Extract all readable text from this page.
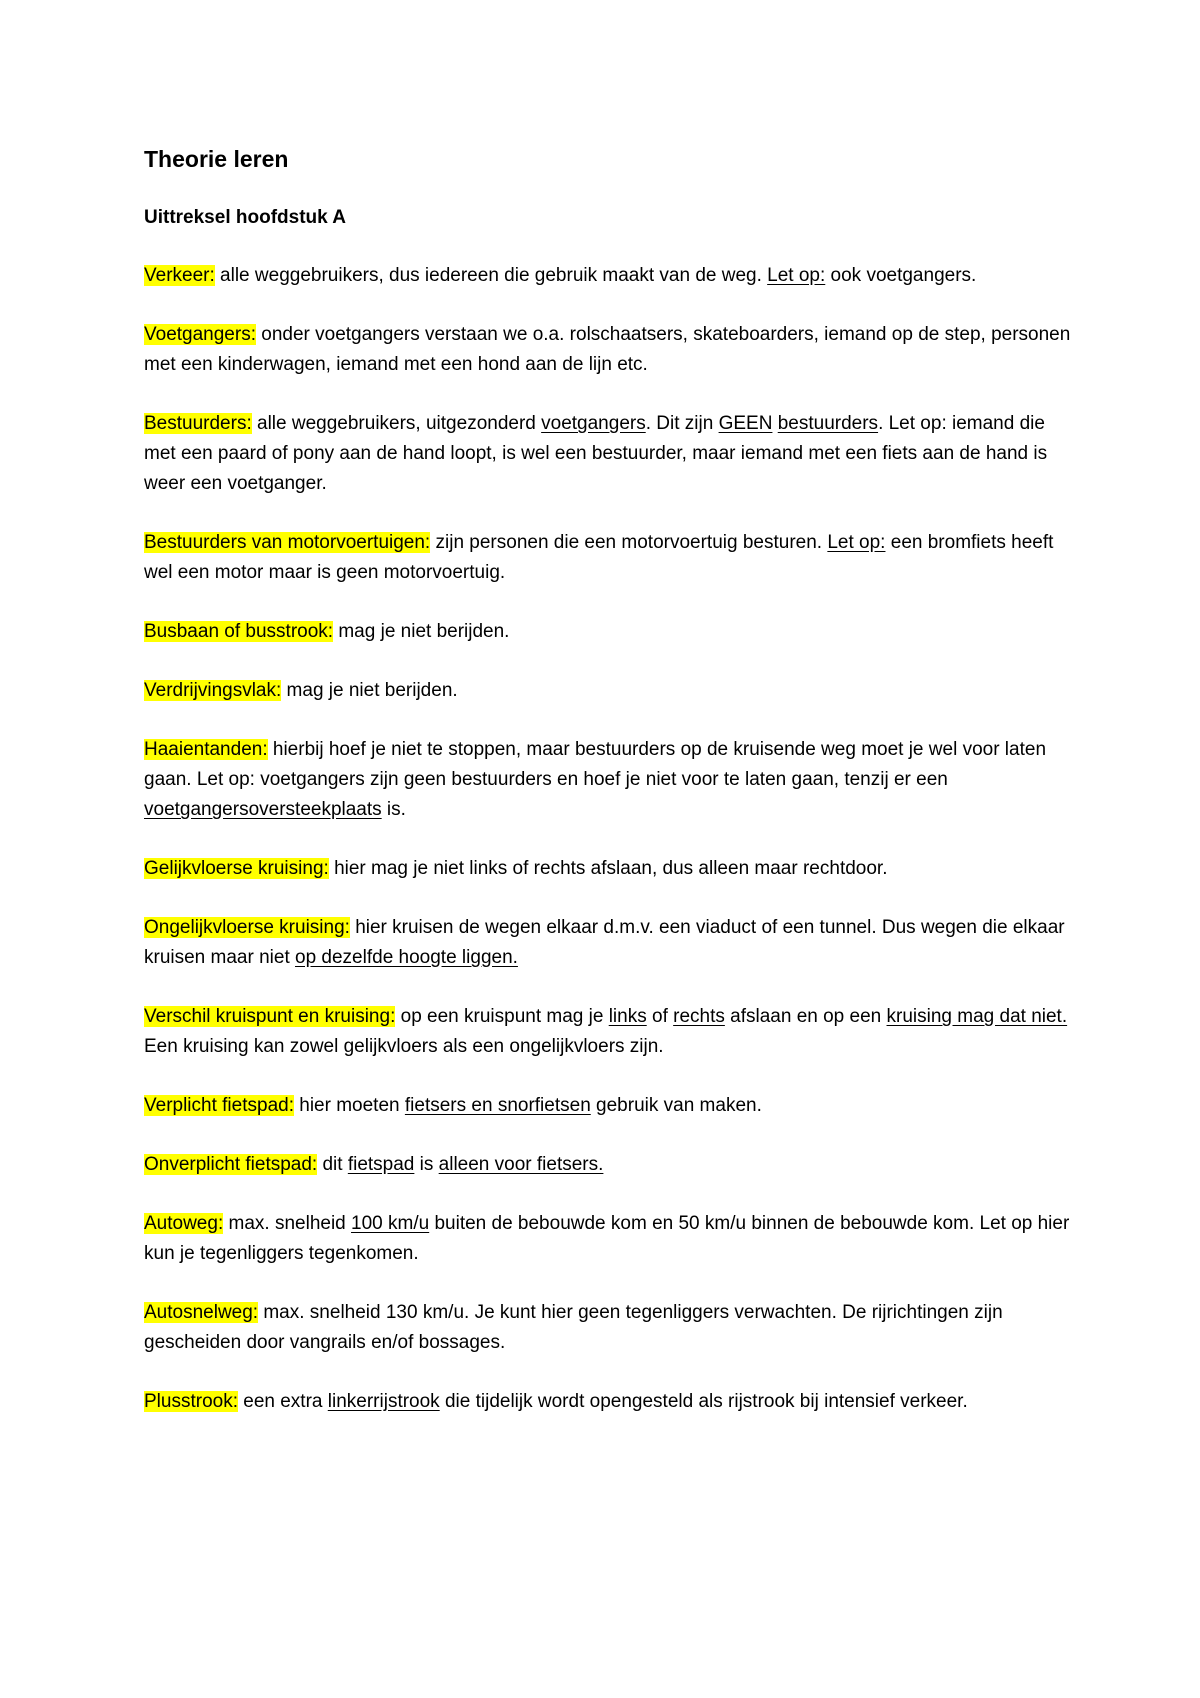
Theorie leren
Uittreksel hoofdstuk A
Verkeer: alle weggebruikers, dus iedereen die gebruik maakt van de weg. Let op: ook voetgangers.
Voetgangers: onder voetgangers verstaan we o.a. rolschaatsers, skateboarders, iemand op de step, personen met een kinderwagen, iemand met een hond aan de lijn etc.
Bestuurders: alle weggebruikers, uitgezonderd voetgangers. Dit zijn GEEN bestuurders. Let op: iemand die met een paard of pony aan de hand loopt, is wel een bestuurder, maar iemand met een fiets aan de hand is weer een voetganger.
Bestuurders van motorvoertuigen: zijn personen die een motorvoertuig besturen. Let op: een bromfiets heeft wel een motor maar is geen motorvoertuig.
Busbaan of busstrook: mag je niet berijden.
Verdrijvingsvlak: mag je niet berijden.
Haaientanden: hierbij hoef je niet te stoppen, maar bestuurders op de kruisende weg moet je wel voor laten gaan. Let op: voetgangers zijn geen bestuurders en hoef je niet voor te laten gaan, tenzij er een voetgangersoversteekplaats is.
Gelijkvloerse kruising: hier mag je niet links of rechts afslaan, dus alleen maar rechtdoor.
Ongelijkvloerse kruising: hier kruisen de wegen elkaar d.m.v. een viaduct of een tunnel. Dus wegen die elkaar kruisen maar niet op dezelfde hoogte liggen.
Verschil kruispunt en kruising: op een kruispunt mag je links of rechts afslaan en op een kruising mag dat niet. Een kruising kan zowel gelijkvloers als een ongelijkvloers zijn.
Verplicht fietspad: hier moeten fietsers en snorfietsen gebruik van maken.
Onverplicht fietspad: dit fietspad is alleen voor fietsers.
Autoweg: max. snelheid 100 km/u buiten de bebouwde kom en 50 km/u binnen de bebouwde kom. Let op hier kun je tegenliggers tegenkomen.
Autosnelweg: max. snelheid 130 km/u. Je kunt hier geen tegenliggers verwachten. De rijrichtingen zijn gescheiden door vangrails en/of bossages.
Plusstrook: een extra linkerrijstrook die tijdelijk wordt opengesteld als rijstrook bij intensief verkeer.
